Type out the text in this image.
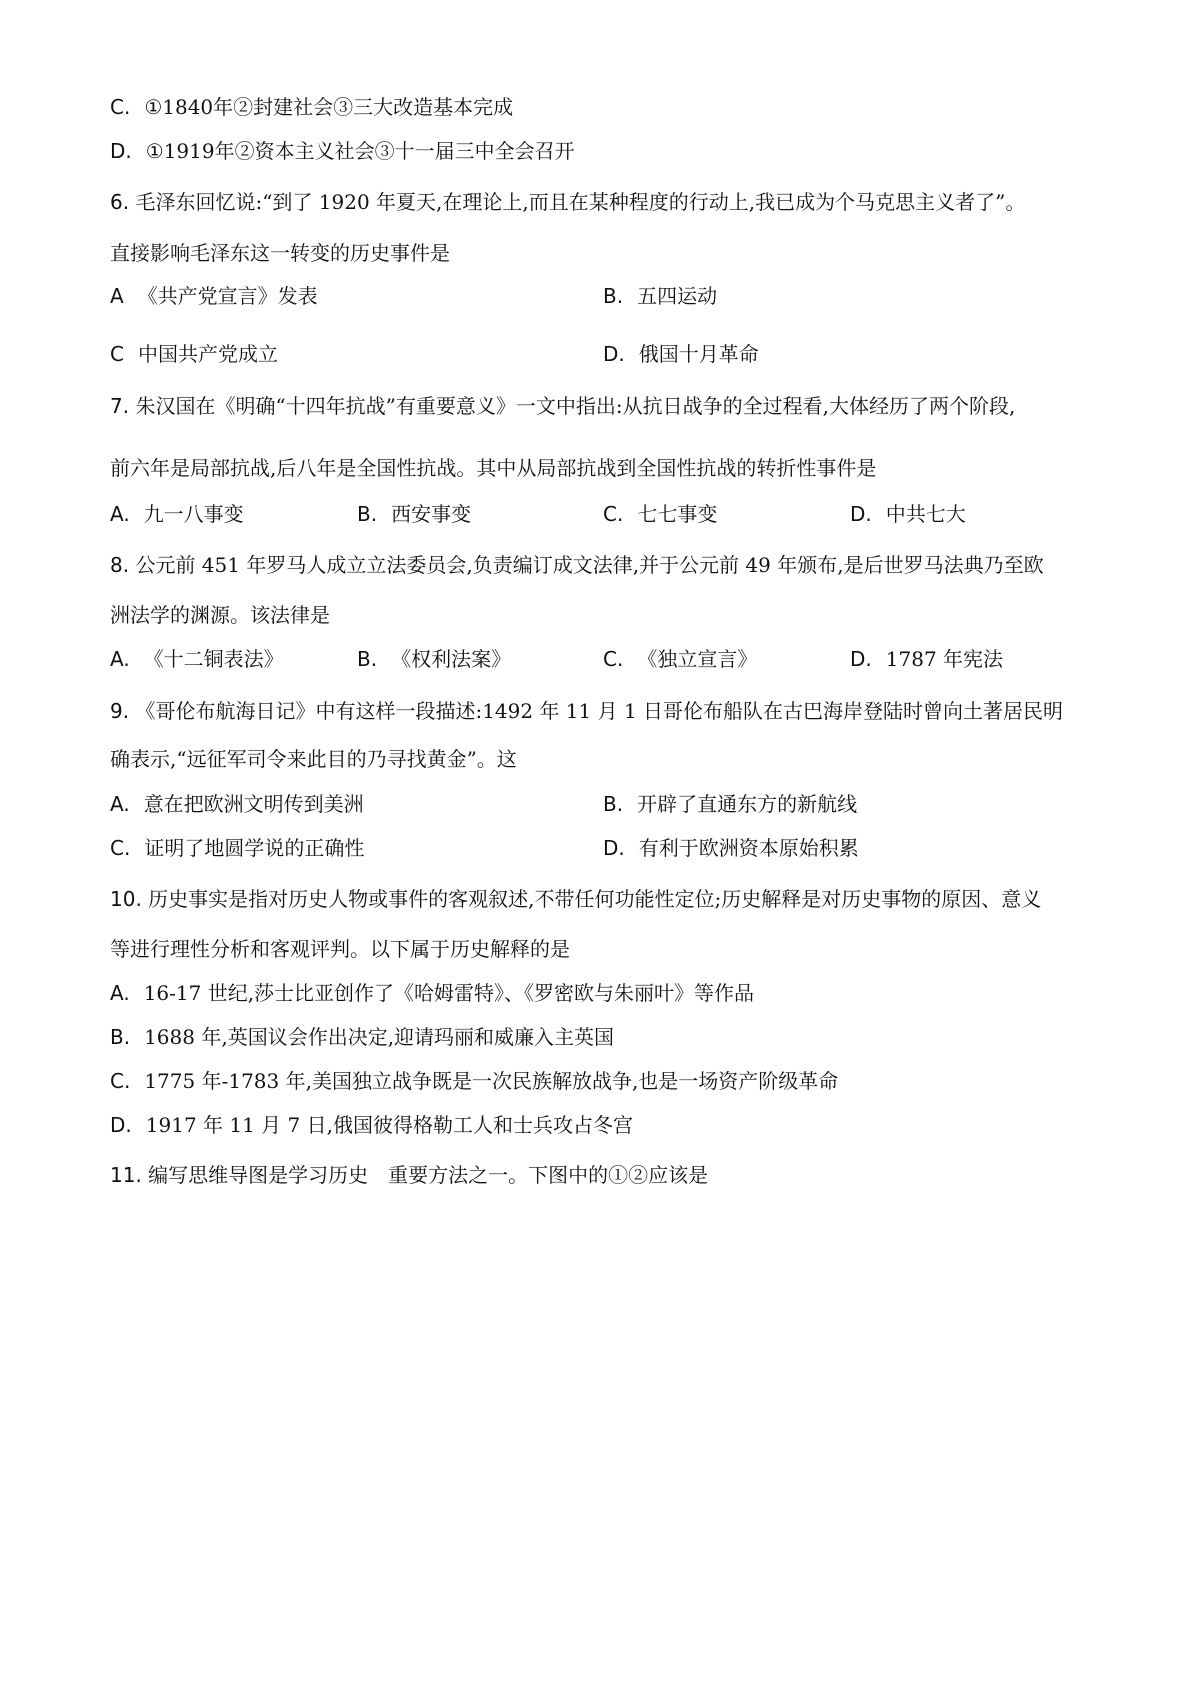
C. ①1840年②封建社会③三大改造基本完成
D. ①1919年②资本主义社会③十一届三中全会召开
6. 毛泽东回忆说:“到了 1920 年夏天,在理论上,而且在某种程度的行动上,我已成为个马克思主义者了”。
直接影响毛泽东这一转变的历史事件是
A 《共产党宣言》发表	B. 五四运动
C 中国共产党成立	D. 俄国十月革命
7. 朱汉国在《明确“十四年抗战”有重要意义》一文中指出:从抗日战争的全过程看,大体经历了两个阶段,
前六年是局部抗战,后八年是全国性抗战。其中从局部抗战到全国性抗战的转折性事件是
A. 九一八事变	B. 西安事变	C. 七七事变	D. 中共七大
8. 公元前 451 年罗马人成立立法委员会,负责编订成文法律,并于公元前 49 年颁布,是后世罗马法典乃至欧
洲法学的渊源。该法律是
A. 《十二铜表法》	B. 《权利法案》	C. 《独立宣言》	D. 1787 年宪法
9. 《哥伦布航海日记》中有这样一段描述:1492 年 11 月 1 日哥伦布船队在古巴海岸登陆时曾向土著居民明
确表示,“远征军司令来此目的乃寻找黄金”。这
A. 意在把欧洲文明传到美洲	B. 开辟了直通东方的新航线
C. 证明了地圆学说的正确性	D. 有利于欧洲资本原始积累
10. 历史事实是指对历史人物或事件的客观叙述,不带任何功能性定位;历史解释是对历史事物的原因、意义
等进行理性分析和客观评判。以下属于历史解释的是
A. 16-17 世纪,莎士比亚创作了《哈姆雷特》、《罗密欧与朱丽叶》等作品
B. 1688 年,英国议会作出决定,迎请玛丽和威廉入主英国
C. 1775 年-1783 年,美国独立战争既是一次民族解放战争,也是一场资产阶级革命
D. 1917 年 11 月 7 日,俄国彼得格勒工人和士兵攻占冬宫
11. 编写思维导图是学习历史　重要方法之一。下图中的①②应该是
